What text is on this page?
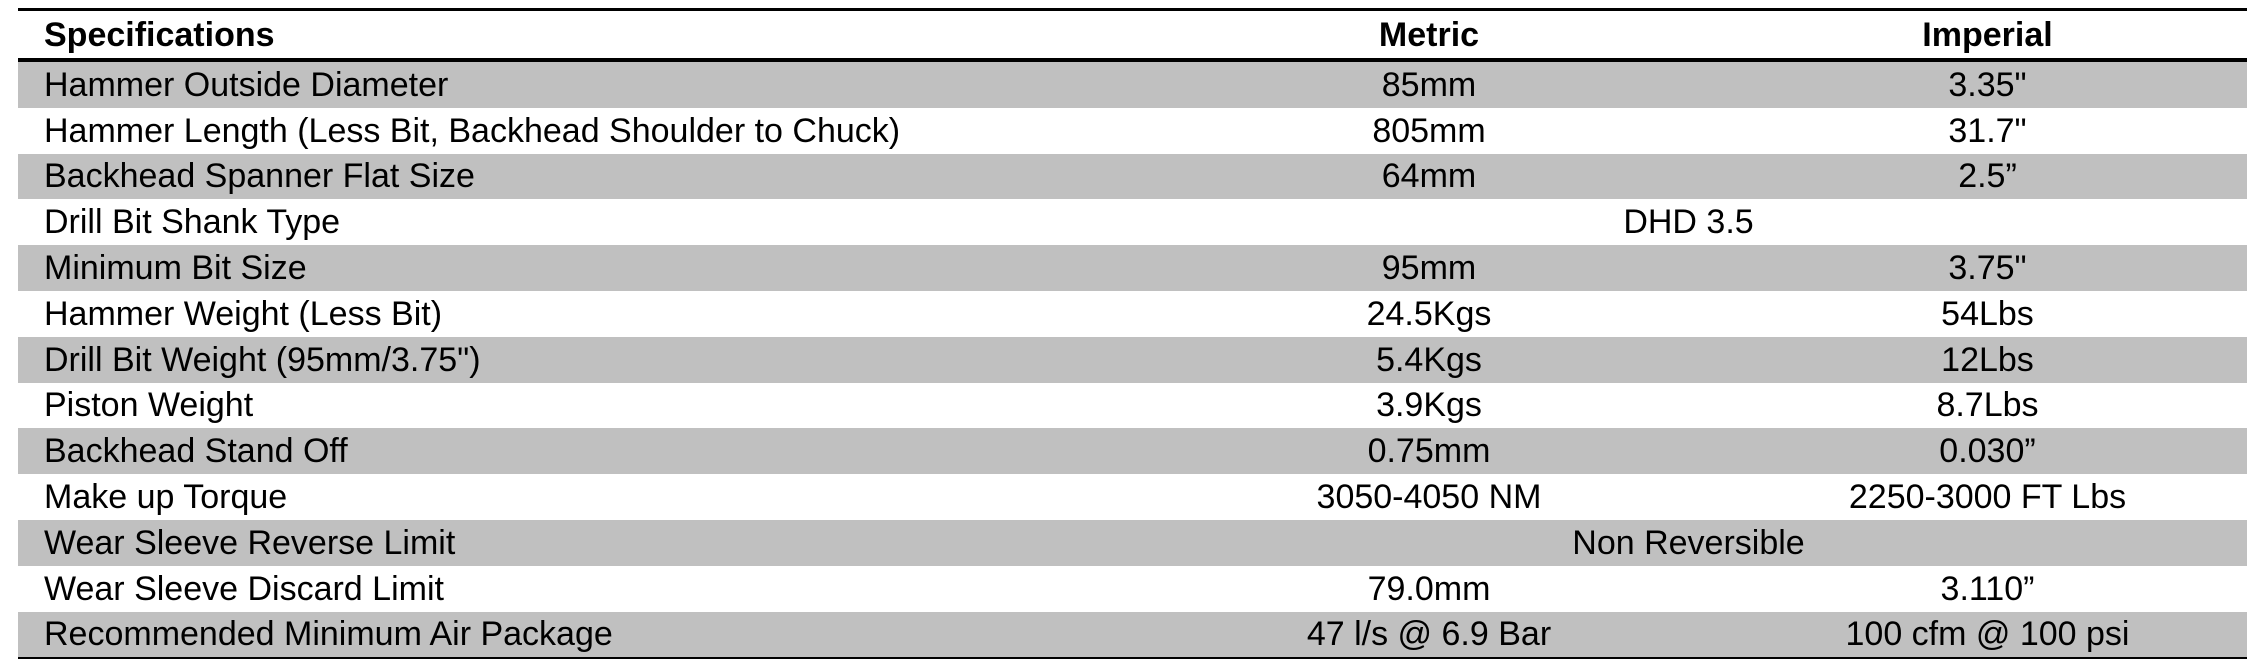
Specifications	Metric	Imperial
Hammer Outside Diameter	85mm	3.35"
Hammer Length (Less Bit, Backhead Shoulder to Chuck)	805mm	31.7"
Backhead Spanner Flat Size	64mm	2.5”
Drill Bit Shank Type	DHD 3.5	
Minimum Bit Size	95mm	3.75"
Hammer Weight (Less Bit)	24.5Kgs	54Lbs
Drill Bit Weight (95mm/3.75")	5.4Kgs	12Lbs
Piston Weight	3.9Kgs	8.7Lbs
Backhead Stand Off	0.75mm	0.030”
Make up Torque	3050-4050 NM	2250-3000 FT Lbs
Wear Sleeve Reverse Limit	Non Reversible	
Wear Sleeve Discard Limit	79.0mm	3.110”
Recommended Minimum Air Package	47 l/s @ 6.9 Bar	100 cfm @ 100 psi
